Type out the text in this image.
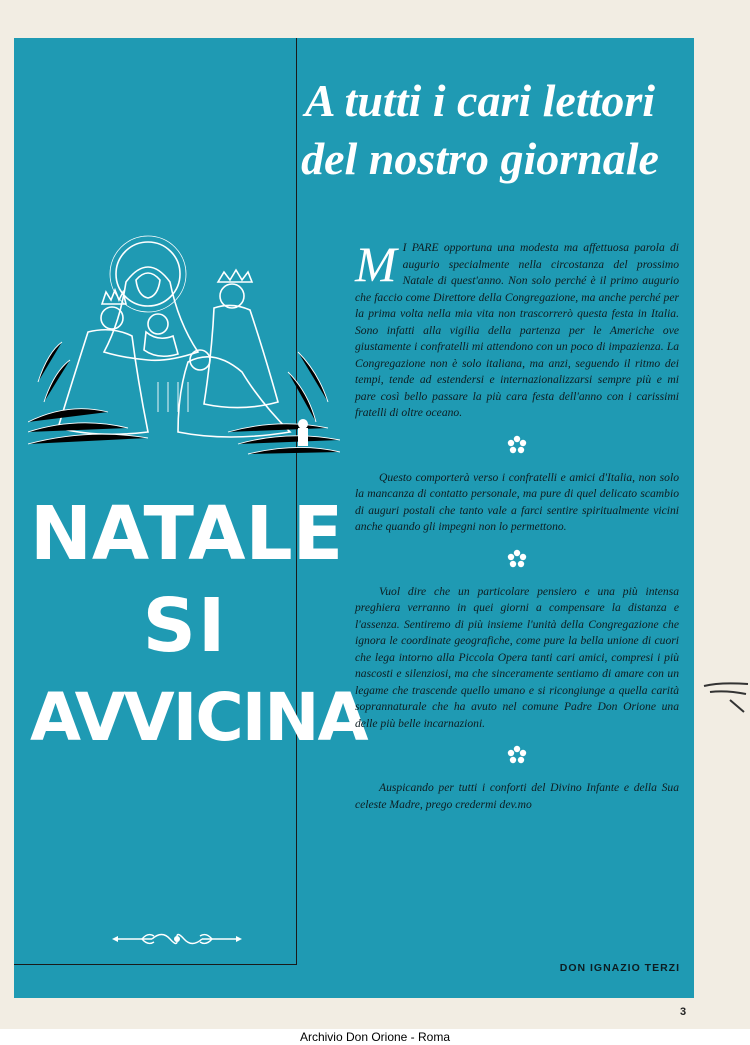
A tutti i cari lettori
del nostro giornale
NATALE
SI
AVVICINA

M I PARE opportuna una modesta ma affettuosa parola di augurio specialmente nella circostanza del prossimo Natale di quest'anno. Non solo perché è il primo augurio che faccio come Direttore della Congregazione, ma anche perché per la prima volta nella mia vita non trascorrerò questa festa in Italia. Sono infatti alla vigilia della partenza per le Americhe ove giustamente i confratelli mi attendono con un poco di impazienza. La Congregazione non è solo italiana, ma anzi, seguendo il ritmo dei tempi, tende ad estendersi e internazionalizzarsi sempre più e mi pare così bello passare la più cara festa dell'anno con i carissimi fratelli di oltre oceano.

Questo comporterà verso i confratelli e amici d'Italia, non solo la mancanza di contatto personale, ma pure di quel delicato scambio di auguri postali che tanto vale a farci sentire spiritualmente vicini anche quando gli impegni non lo permettono.

Vuol dire che un particolare pensiero e una più intensa preghiera verranno in quei giorni a compensare la distanza e l'assenza. Sentiremo di più insieme l'unità della Congregazione che ignora le coordinate geografiche, come pure la bella unione di cuori che lega intorno alla Piccola Opera tanti cari amici, compresi i più nascosti e silenziosi, ma che sinceramente sentiamo di amare con un legame che trascende quello umano e si ricongiunge a quella carità soprannaturale che ha avuto nel comune Padre Don Orione una delle più belle incarnazioni.

Auspicando per tutti i conforti del Divino Infante e della Sua celeste Madre, prego credermi dev.mo

DON IGNAZIO TERZI
3
Archivio Don Orione - Roma
